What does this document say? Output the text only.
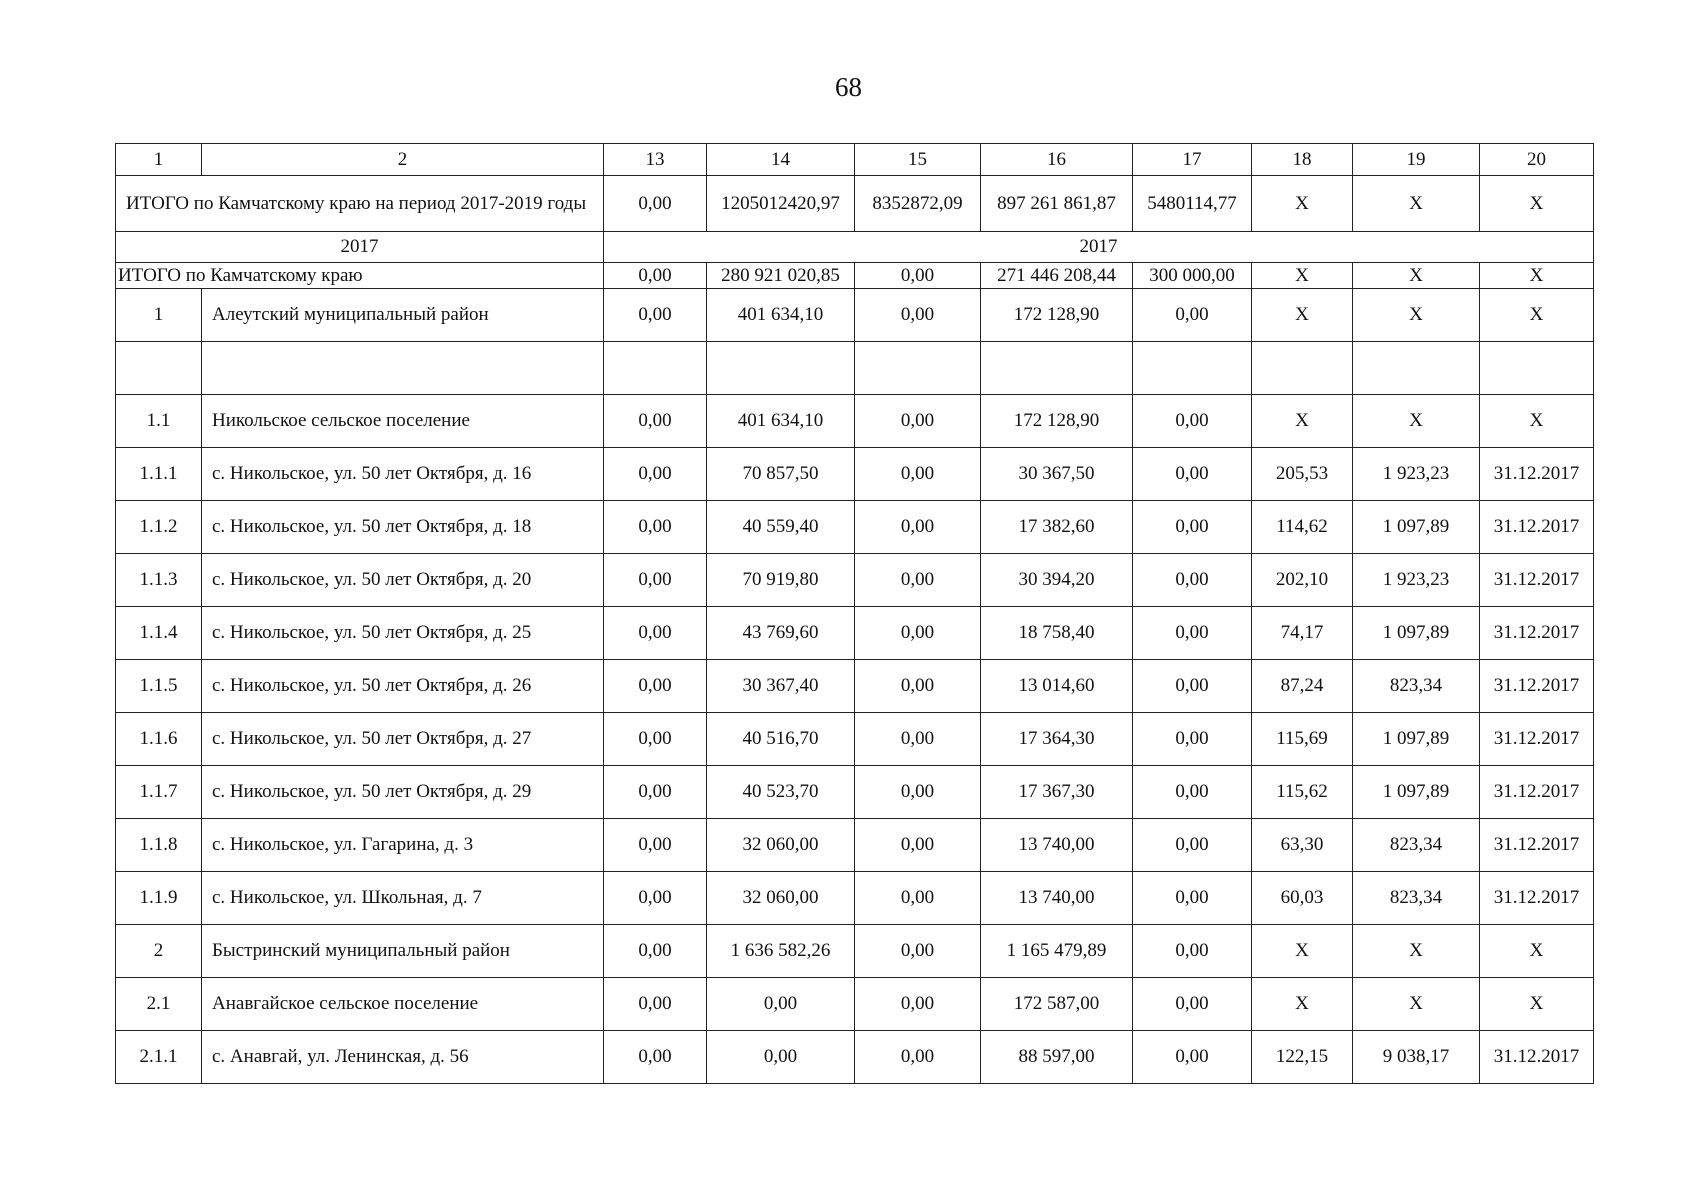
68
1	2	13	14	15	16	17	18	19	20
ИТОГО по Камчатскому краю на период 2017-2019 годы		0,00	1205012420,97	8352872,09	897 261 861,87	5480114,77	X	X	X
2017		2017							
ИТОГО по Камчатскому краю		0,00	280 921 020,85	0,00	271 446 208,44	300 000,00	X	X	X
1	Алеутский муниципальный район	0,00	401 634,10	0,00	172 128,90	0,00	X	X	X

1.1	Никольское сельское поселение	0,00	401 634,10	0,00	172 128,90	0,00	X	X	X
1.1.1	с. Никольское, ул. 50 лет Октября, д. 16	0,00	70 857,50	0,00	30 367,50	0,00	205,53	1 923,23	31.12.2017
1.1.2	с. Никольское, ул. 50 лет Октября, д. 18	0,00	40 559,40	0,00	17 382,60	0,00	114,62	1 097,89	31.12.2017
1.1.3	с. Никольское, ул. 50 лет Октября, д. 20	0,00	70 919,80	0,00	30 394,20	0,00	202,10	1 923,23	31.12.2017
1.1.4	с. Никольское, ул. 50 лет Октября, д. 25	0,00	43 769,60	0,00	18 758,40	0,00	74,17	1 097,89	31.12.2017
1.1.5	с. Никольское, ул. 50 лет Октября, д. 26	0,00	30 367,40	0,00	13 014,60	0,00	87,24	823,34	31.12.2017
1.1.6	с. Никольское, ул. 50 лет Октября, д. 27	0,00	40 516,70	0,00	17 364,30	0,00	115,69	1 097,89	31.12.2017
1.1.7	с. Никольское, ул. 50 лет Октября, д. 29	0,00	40 523,70	0,00	17 367,30	0,00	115,62	1 097,89	31.12.2017
1.1.8	с. Никольское, ул. Гагарина, д. 3	0,00	32 060,00	0,00	13 740,00	0,00	63,30	823,34	31.12.2017
1.1.9	с. Никольское, ул. Школьная, д. 7	0,00	32 060,00	0,00	13 740,00	0,00	60,03	823,34	31.12.2017
2	Быстринский муниципальный район	0,00	1 636 582,26	0,00	1 165 479,89	0,00	X	X	X
2.1	Анавгайское сельское поселение	0,00	0,00	0,00	172 587,00	0,00	X	X	X
2.1.1	с. Анавгай, ул. Ленинская, д. 56	0,00	0,00	0,00	88 597,00	0,00	122,15	9 038,17	31.12.2017
